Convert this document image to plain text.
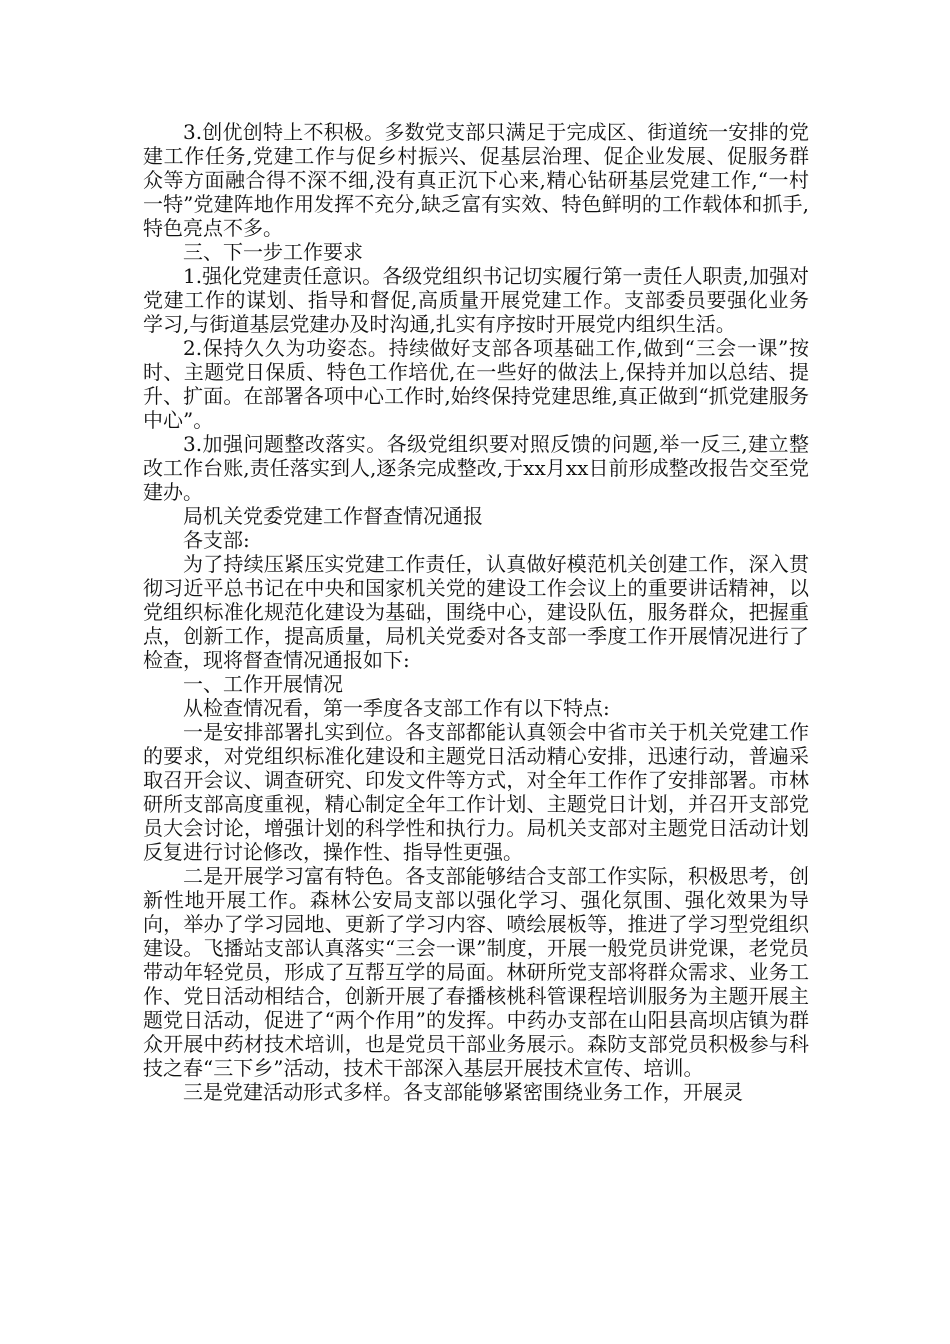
3.创优创特上不积极。多数党支部只满足于完成区、街道统一安排的党建工作任务,党建工作与促乡村振兴、促基层治理、促企业发展、促服务群众等方面融合得不深不细,没有真正沉下心来,精心钻研基层党建工作,“一村一特”党建阵地作用发挥不充分,缺乏富有实效、特色鲜明的工作载体和抓手,特色亮点不多。

三、下一步工作要求

1.强化党建责任意识。各级党组织书记切实履行第一责任人职责,加强对党建工作的谋划、指导和督促,高质量开展党建工作。支部委员要强化业务学习,与街道基层党建办及时沟通,扎实有序按时开展党内组织生活。

2.保持久久为功姿态。持续做好支部各项基础工作,做到“三会一课”按时、主题党日保质、特色工作培优,在一些好的做法上,保持并加以总结、提升、扩面。在部署各项中心工作时,始终保持党建思维,真正做到“抓党建服务中心”。

3.加强问题整改落实。各级党组织要对照反馈的问题,举一反三,建立整改工作台账,责任落实到人,逐条完成整改,于xx月xx日前形成整改报告交至党建办。

局机关党委党建工作督查情况通报

各支部:

为了持续压紧压实党建工作责任，认真做好模范机关创建工作，深入贯彻习近平总书记在中央和国家机关党的建设工作会议上的重要讲话精神，以党组织标准化规范化建设为基础，围绕中心，建设队伍，服务群众，把握重点，创新工作，提高质量，局机关党委对各支部一季度工作开展情况进行了检查，现将督查情况通报如下:

一、工作开展情况

从检查情况看，第一季度各支部工作有以下特点:

一是安排部署扎实到位。各支部都能认真领会中省市关于机关党建工作的要求，对党组织标准化建设和主题党日活动精心安排，迅速行动，普遍采取召开会议、调查研究、印发文件等方式，对全年工作作了安排部署。市林研所支部高度重视，精心制定全年工作计划、主题党日计划，并召开支部党员大会讨论，增强计划的科学性和执行力。局机关支部对主题党日活动计划反复进行讨论修改，操作性、指导性更强。

二是开展学习富有特色。各支部能够结合支部工作实际，积极思考，创新性地开展工作。森林公安局支部以强化学习、强化氛围、强化效果为导向，举办了学习园地、更新了学习内容、喷绘展板等，推进了学习型党组织建设。飞播站支部认真落实“三会一课”制度，开展一般党员讲党课，老党员带动年轻党员，形成了互帮互学的局面。林研所党支部将群众需求、业务工作、党日活动相结合，创新开展了春播核桃科管课程培训服务为主题开展主题党日活动，促进了“两个作用”的发挥。中药办支部在山阳县高坝店镇为群众开展中药材技术培训，也是党员干部业务展示。森防支部党员积极参与科技之春“三下乡”活动，技术干部深入基层开展技术宣传、培训。

三是党建活动形式多样。各支部能够紧密围绕业务工作，开展灵
